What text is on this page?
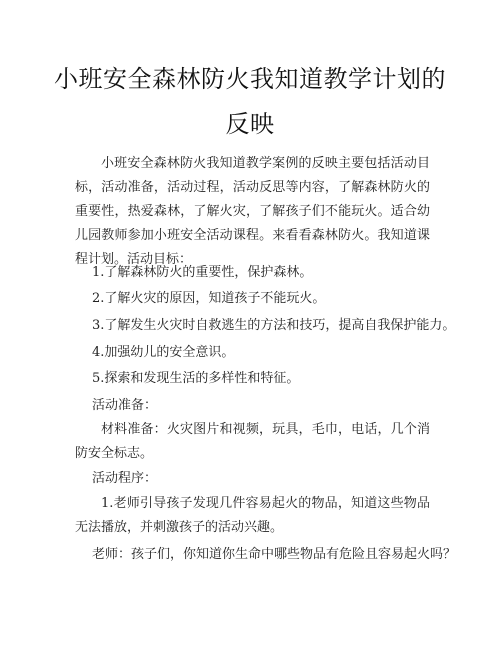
小班安全森林防火我知道教学计划的
反映

小班安全森林防火我知道教学案例的反映主要包括活动目标，活动准备，活动过程，活动反思等内容，了解森林防火的重要性，热爱森林，了解火灾，了解孩子们不能玩火。适合幼儿园教师参加小班安全活动课程。来看看森林防火。我知道课程计划。活动目标：

1.了解森林防火的重要性，保护森林。

2.了解火灾的原因，知道孩子不能玩火。

3.了解发生火灾时自救逃生的方法和技巧，提高自我保护能力。

4.加强幼儿的安全意识。

5.探索和发现生活的多样性和特征。

活动准备：

材料准备：火灾图片和视频，玩具，毛巾，电话，几个消防安全标志。

活动程序：

1.老师引导孩子发现几件容易起火的物品，知道这些物品无法播放，并刺激孩子的活动兴趣。

老师：孩子们，你知道你生命中哪些物品有危险且容易起火吗？
